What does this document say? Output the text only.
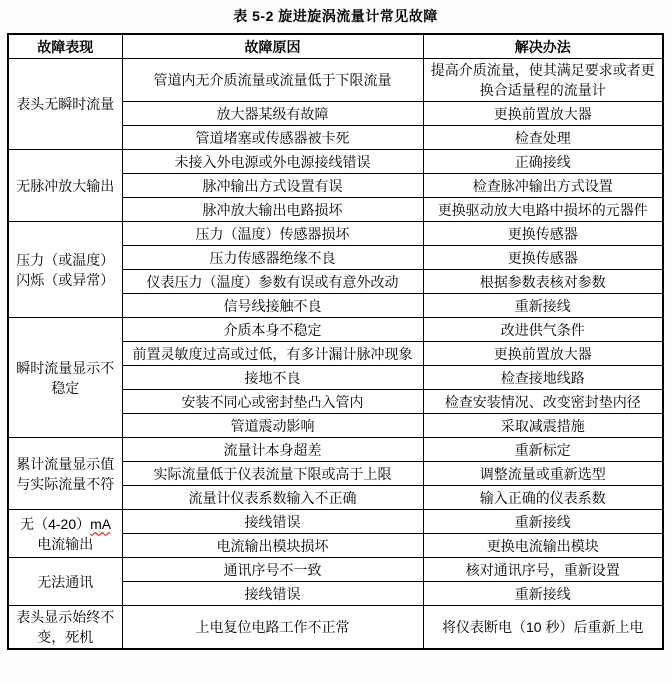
表 5-2 旋进旋涡流量计常见故障
故障表现	故障原因	解决办法
表头无瞬时流量	管道内无介质流量或流量低于下限流量	提高介质流量，使其满足要求或者更换合适量程的流量计
	放大器某级有故障	更换前置放大器
	管道堵塞或传感器被卡死	检查处理
无脉冲放大输出	未接入外电源或外电源接线错误	正确接线
	脉冲输出方式设置有误	检查脉冲输出方式设置
	脉冲放大输出电路损坏	更换驱动放大电路中损坏的元器件
压力（或温度）闪烁（或异常）	压力（温度）传感器损坏	更换传感器
	压力传感器绝缘不良	更换传感器
	仪表压力（温度）参数有误或有意外改动	根据参数表核对参数
	信号线接触不良	重新接线
瞬时流量显示不稳定	介质本身不稳定	改进供气条件
	前置灵敏度过高或过低，有多计漏计脉冲现象	更换前置放大器
	接地不良	检查接地线路
	安装不同心或密封垫凸入管内	检查安装情况、改变密封垫内径
	管道震动影响	采取减震措施
累计流量显示值与实际流量不符	流量计本身超差	重新标定
	实际流量低于仪表流量下限或高于上限	调整流量或重新选型
	流量计仪表系数输入不正确	输入正确的仪表系数
无（4-20）mA 电流输出	接线错误	重新接线
	电流输出模块损坏	更换电流输出模块
无法通讯	通讯序号不一致	核对通讯序号，重新设置
	接线错误	重新接线
表头显示始终不变，死机	上电复位电路工作不正常	将仪表断电（10 秒）后重新上电
